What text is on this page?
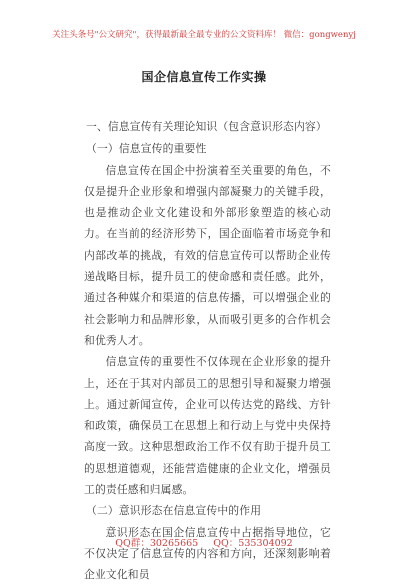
关注头条号"公文研究"，获得最新最全最专业的公文资料库！ 微信：gongwenyj
国企信息宣传工作实操
一、信息宣传有关理论知识（包含意识形态内容）
（一）信息宣传的重要性

信息宣传在国企中扮演着至关重要的角色，不仅是提升企业形象和增强内部凝聚力的关键手段，也是推动企业文化建设和外部形象塑造的核心动力。在当前的经济形势下，国企面临着市场竞争和内部改革的挑战，有效的信息宣传可以帮助企业传递战略目标，提升员工的使命感和责任感。此外，通过各种媒介和渠道的信息传播，可以增强企业的社会影响力和品牌形象，从而吸引更多的合作机会和优秀人才。

信息宣传的重要性不仅体现在企业形象的提升上，还在于其对内部员工的思想引导和凝聚力增强上。通过新闻宣传，企业可以传达党的路线、方针和政策，确保员工在思想上和行动上与党中央保持高度一致。这种思想政治工作不仅有助于提升员工的思想道德观，还能营造健康的企业文化，增强员工的责任感和归属感。

（二）意识形态在信息宣传中的作用

意识形态在国企信息宣传中占据指导地位，它不仅决定了信息宣传的内容和方向，还深刻影响着企业文化和员

QQ群：30265665 QQ：535304092
